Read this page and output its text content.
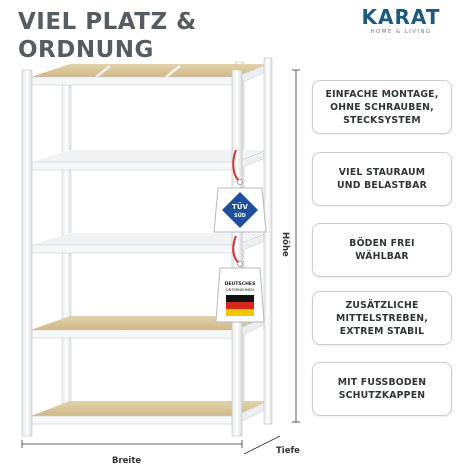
VIEL PLATZ &
ORDNUNG
KARAT
HOME & LIVING
TÜV
SÜD
DEUTSCHES
UNTERNEHMEN
Breite
Höhe
Tiefe
EINFACHE MONTAGE,
OHNE SCHRAUBEN,
STECKSYSTEM
VIEL STAURAUM
UND BELASTBAR
BÖDEN FREI
WÄHLBAR
ZUSÄTZLICHE
MITTELSTREBEN,
EXTREM STABIL
MIT FUSSBODEN
SCHUTZKAPPEN
